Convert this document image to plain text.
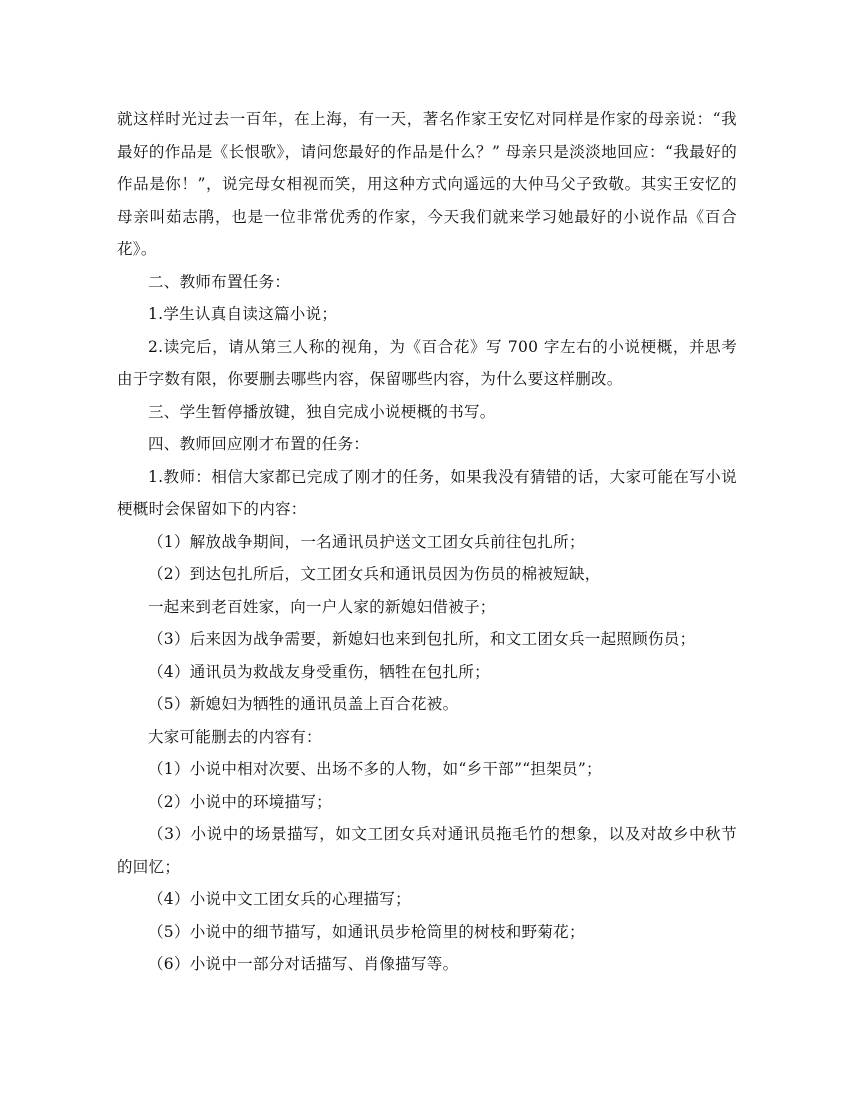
就这样时光过去一百年，在上海，有一天，著名作家王安忆对同样是作家的母亲说：“我最好的作品是《长恨歌》，请问您最好的作品是什么？” 母亲只是淡淡地回应：“我最好的作品是你！”，说完母女相视而笑，用这种方式向遥远的大仲马父子致敬。其实王安忆的母亲叫茹志鹃，也是一位非常优秀的作家，今天我们就来学习她最好的小说作品《百合花》。

二、教师布置任务：

1.学生认真自读这篇小说；

2.读完后，请从第三人称的视角，为《百合花》写 700 字左右的小说梗概，并思考由于字数有限，你要删去哪些内容，保留哪些内容，为什么要这样删改。

三、学生暂停播放键，独自完成小说梗概的书写。

四、教师回应刚才布置的任务：

1.教师：相信大家都已完成了刚才的任务，如果我没有猜错的话，大家可能在写小说梗概时会保留如下的内容：

（1）解放战争期间，一名通讯员护送文工团女兵前往包扎所；

（2）到达包扎所后，文工团女兵和通讯员因为伤员的棉被短缺，

一起来到老百姓家，向一户人家的新媳妇借被子；

（3）后来因为战争需要，新媳妇也来到包扎所，和文工团女兵一起照顾伤员；

（4）通讯员为救战友身受重伤，牺牲在包扎所；

（5）新媳妇为牺牲的通讯员盖上百合花被。

大家可能删去的内容有：

（1）小说中相对次要、出场不多的人物，如“乡干部”“担架员”；

（2）小说中的环境描写；

（3）小说中的场景描写，如文工团女兵对通讯员拖毛竹的想象，以及对故乡中秋节的回忆；

（4）小说中文工团女兵的心理描写；

（5）小说中的细节描写，如通讯员步枪筒里的树枝和野菊花；

（6）小说中一部分对话描写、肖像描写等。
